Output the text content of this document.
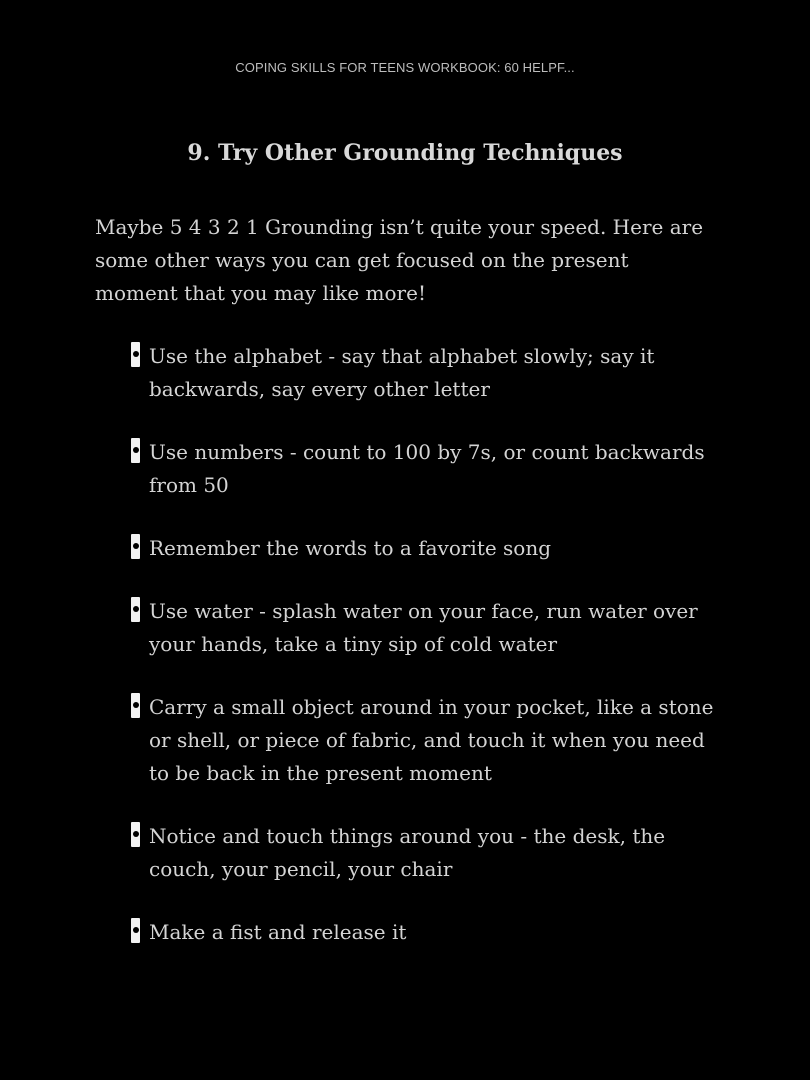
COPING SKILLS FOR TEENS WORKBOOK: 60 HELPF...
9. Try Other Grounding Techniques

Maybe 5 4 3 2 1 Grounding isn’t quite your speed. Here are some other ways you can get focused on the present moment that you may like more!

Use the alphabet - say that alphabet slowly; say it backwards, say every other letter
Use numbers - count to 100 by 7s, or count backwards from 50
Remember the words to a favorite song
Use water - splash water on your face, run water over your hands, take a tiny sip of cold water
Carry a small object around in your pocket, like a stone or shell, or piece of fabric, and touch it when you need to be back in the present moment
Notice and touch things around you - the desk, the couch, your pencil, your chair
Make a fist and release it
